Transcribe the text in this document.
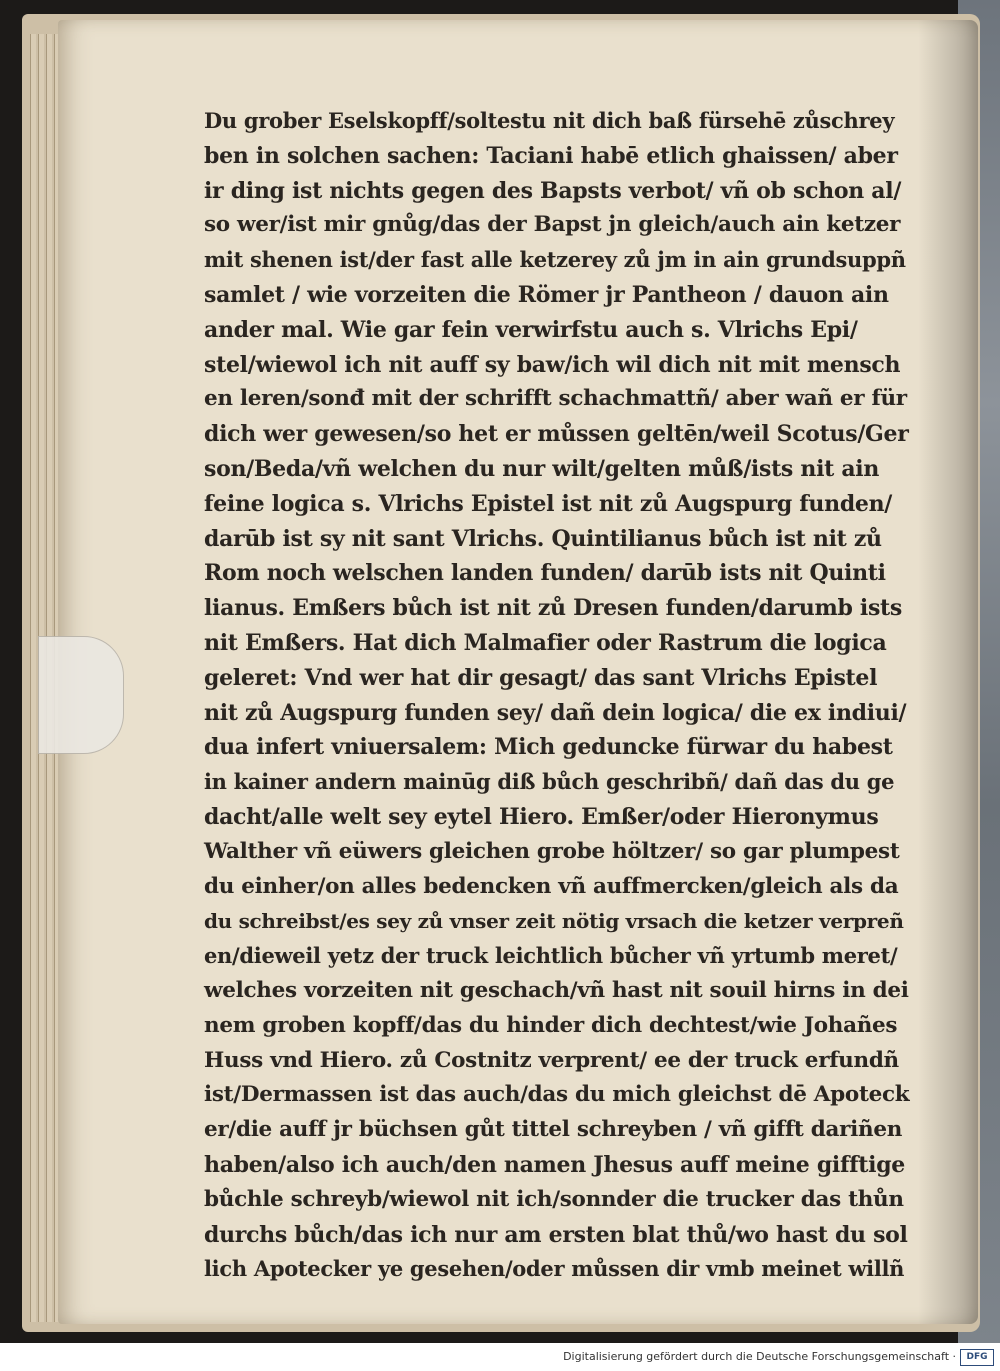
Du grober Eselskopff/soltestu nit dich baß fürsehē zůschrey
ben in solchen sachen: Taciani habē etlich ghaissen/ aber
ir ding ist nichts gegen des Bapsts verbot/ vñ ob schon al/
so wer/ist mir gnůg/das der Bapst jn gleich/auch ain ketzer
mit shenen ist/der fast alle ketzerey zů jm in ain grundsuppñ
samlet / wie vorzeiten die Römer jr Pantheon / dauon ain
ander mal. Wie gar fein verwirfstu auch s. Vlrichs Epi/
stel/wiewol ich nit auff sy baw/ich wil dich nit mit mensch
en leren/sonđ mit der schrifft schachmattñ/ aber wañ er für
dich wer gewesen/so het er můssen geltēn/weil Scotus/Ger
son/Beda/vñ welchen du nur wilt/gelten můß/ists nit ain
feine logica s. Vlrichs Epistel ist nit zů Augspurg funden/
darūb ist sy nit sant Vlrichs. Quintilianus bůch ist nit zů
Rom noch welschen landen funden/ darūb ists nit Quinti
lianus. Emßers bůch ist nit zů Dresen funden/darumb ists
nit Emßers. Hat dich Malmafier oder Rastrum die logica
geleret: Vnd wer hat dir gesagt/ das sant Vlrichs Epistel
nit zů Augspurg funden sey/ dañ dein logica/ die ex indiui/
dua infert vniuersalem: Mich geduncke fürwar du habest
in kainer andern mainūg diß bůch geschribñ/ dañ das du ge
dacht/alle welt sey eytel Hiero. Emßer/oder Hieronymus
Walther vñ eüwers gleichen grobe höltzer/ so gar plumpest
du einher/on alles bedencken vñ auffmercken/gleich als da
du schreibst/es sey zů vnser zeit nötig vrsach die ketzer verpreñ
en/dieweil yetz der truck leichtlich bůcher vñ yrtumb meret/
welches vorzeiten nit geschach/vñ hast nit souil hirns in dei
nem groben kopff/das du hinder dich dechtest/wie Johañes
Huss vnd Hiero. zů Costnitz verprent/ ee der truck erfundñ
ist/Dermassen ist das auch/das du mich gleichst dē Apoteck
er/die auff jr büchsen gůt tittel schreyben / vñ gifft dariñen
haben/also ich auch/den namen Jhesus auff meine gifftige
bůchle schreyb/wiewol nit ich/sonnder die trucker das thůn
durchs bůch/das ich nur am ersten blat thů/wo hast du sol
lich Apotecker ye gesehen/oder můssen dir vmb meinet willñ
Digitalisierung gefördert durch die Deutsche Forschungsgemeinschaft ·	DFG
